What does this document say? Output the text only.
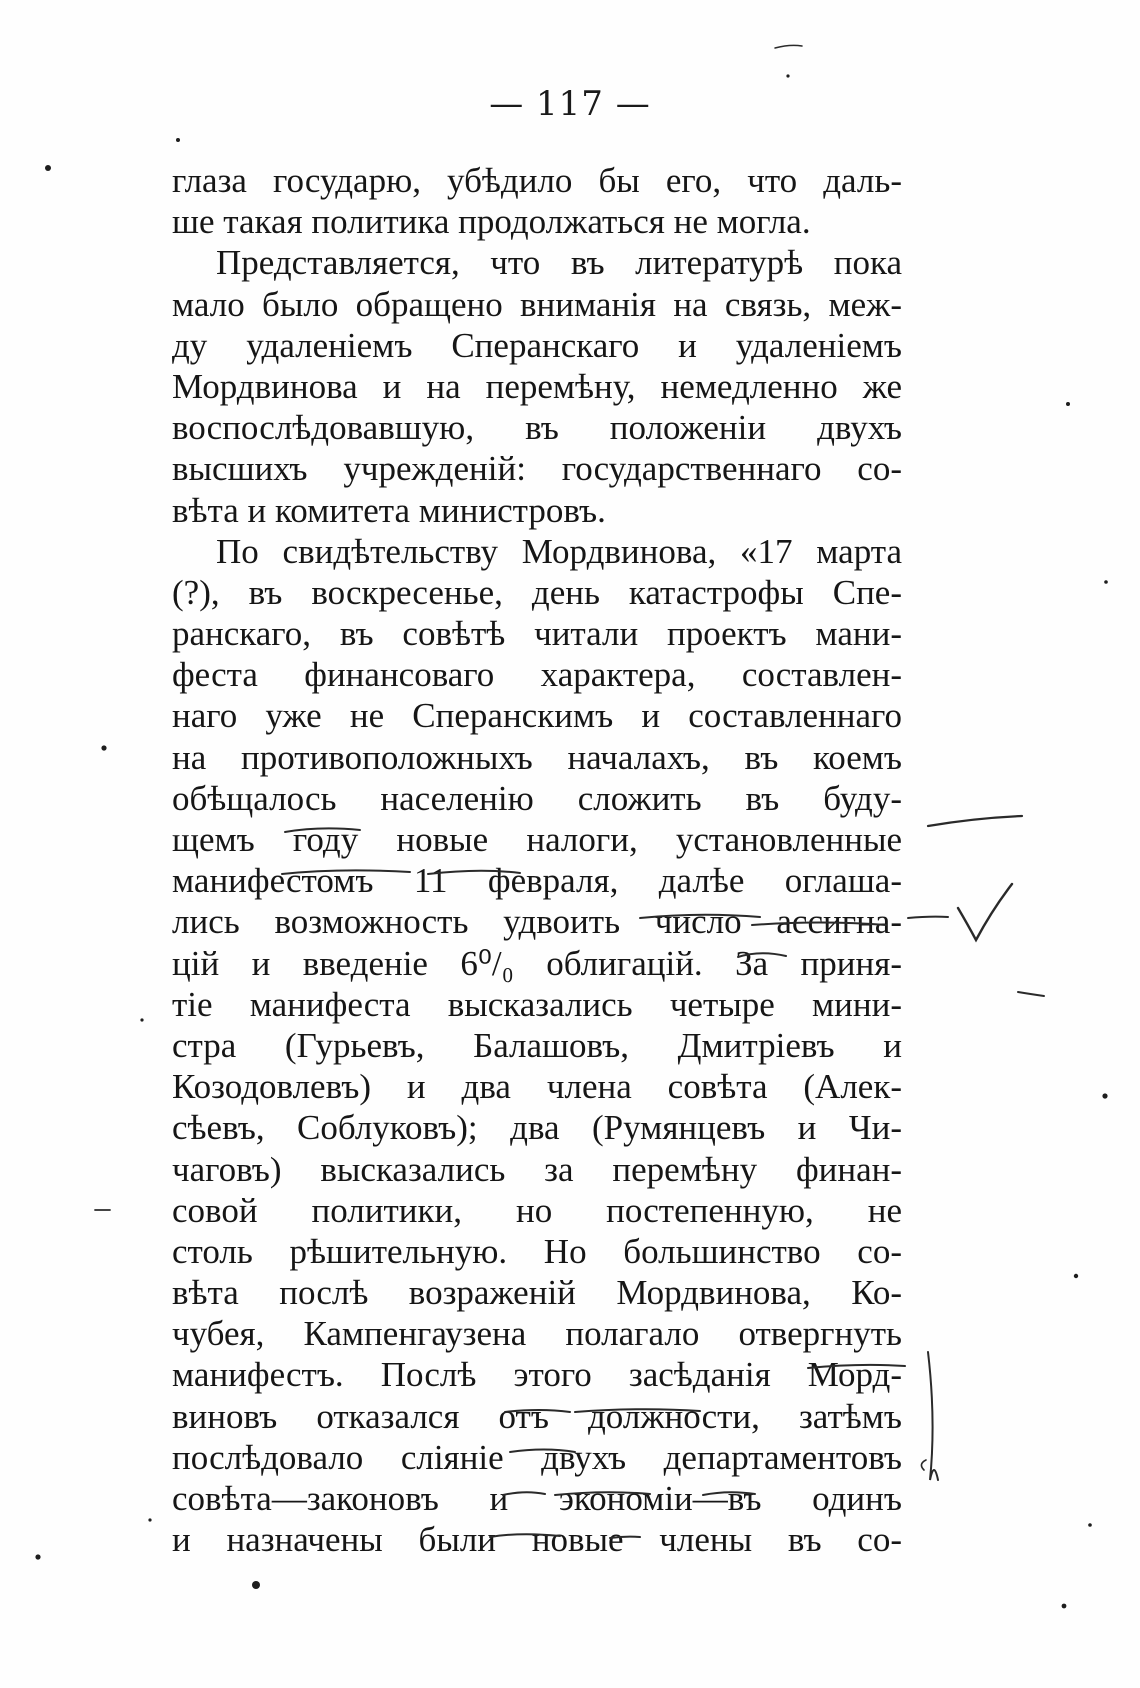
— 117 —
глаза государю, убѣдило бы его, что даль-
ше такая политика продолжаться не могла.
Представляется, что въ литературѣ пока
мало было обращено вниманія на связь, меж-
ду удаленіемъ Сперанскаго и удаленіемъ
Мордвинова и на перемѣну, немедленно же
воспослѣдовавшую, въ положеніи двухъ
высшихъ учрежденій: государственнаго со-
вѣта и комитета министровъ.
По свидѣтельству Мордвинова, «17 марта
(?), въ воскресенье, день катастрофы Спе-
ранскаго, въ совѣтѣ читали проектъ мани-
феста финансоваго характера, составлен-
наго уже не Сперанскимъ и составленнаго
на противоположныхъ началахъ, въ коемъ
обѣщалось населенію сложить въ буду-
щемъ году новые налоги, установленные
манифестомъ 11 февраля, далѣе оглаша-
лись возможность удвоить число ассигна-
цій и введеніе 6⁰/₀ облигацій. За приня-
тіе манифеста высказались четыре мини-
стра (Гурьевъ, Балашовъ, Дмитріевъ и
Козодовлевъ) и два члена совѣта (Алек-
сѣевъ, Соблуковъ); два (Румянцевъ и Чи-
чаговъ) высказались за перемѣну финан-
совой политики, но постепенную, не
столь рѣшительную. Но большинство со-
вѣта послѣ возраженій Мордвинова, Ко-
чубея, Кампенгаузена полагало отвергнуть
манифестъ. Послѣ этого засѣданія Морд-
виновъ отказался отъ должности, затѣмъ
послѣдовало сліяніе двухъ департаментовъ
совѣта—законовъ и экономіи—въ одинъ
и назначены были новые члены въ со-
